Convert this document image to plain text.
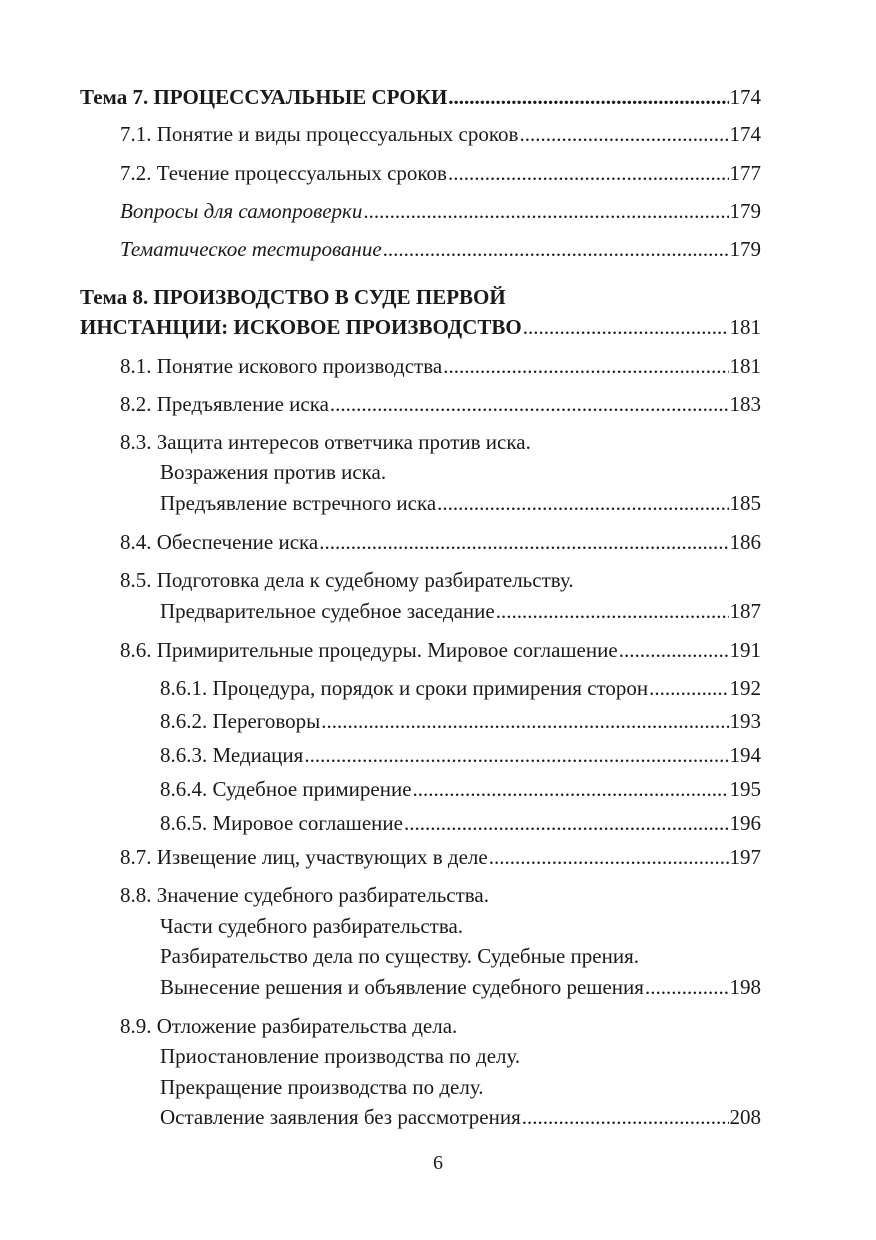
Тема 7. ПРОЦЕССУАЛЬНЫЕ СРОКИ .....	174
7.1. Понятие и виды процессуальных сроков .....	174
7.2. Течение процессуальных сроков .....	177
Вопросы для самопроверки .....	179
Тематическое тестирование .....	179
Тема 8. ПРОИЗВОДСТВО В СУДЕ ПЕРВОЙ
ИНСТАНЦИИ: ИСКОВОЕ ПРОИЗВОДСТВО .....	181
8.1. Понятие искового производства .....	181
8.2. Предъявление иска .....	183
8.3. Защита интересов ответчика против иска.
Возражения против иска.
Предъявление встречного иска .....	185
8.4. Обеспечение иска .....	186
8.5. Подготовка дела к судебному разбирательству.
Предварительное судебное заседание .....	187
8.6. Примирительные процедуры. Мировое соглашение .....	191
8.6.1. Процедура, порядок и сроки примирения сторон .....	192
8.6.2. Переговоры .....	193
8.6.3. Медиация .....	194
8.6.4. Судебное примирение .....	195
8.6.5. Мировое соглашение .....	196
8.7. Извещение лиц, участвующих в деле .....	197
8.8. Значение судебного разбирательства.
Части судебного разбирательства.
Разбирательство дела по существу. Судебные прения.
Вынесение решения и объявление судебного решения .....	198
8.9. Отложение разбирательства дела.
Приостановление производства по делу.
Прекращение производства по делу.
Оставление заявления без рассмотрения .....	208
6
